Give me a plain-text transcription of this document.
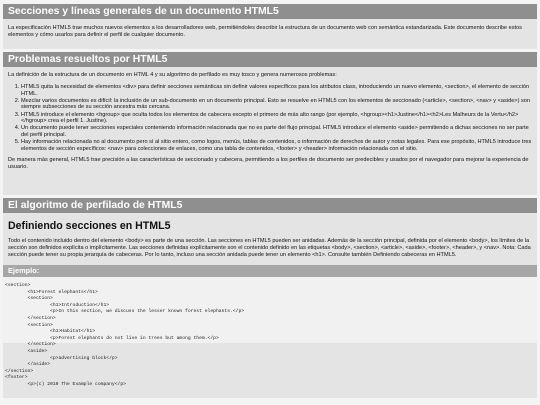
Secciones y líneas generales de un documento HTML5

La especificación HTML5 trae muchos nuevos elementos a los desarrolladores web, permitiéndoles describir la estructura de un documento web con semántica estandarizada. Este documento describe estos elementos y cómo usarlos para definir el perfil de cualquier documento.

Problemas resueltos por HTML5

La definición de la estructura de un documento en HTML 4 y su algoritmo de perfilado es muy tosco y genera numerosos problemas:

1. HTML5 quita la necesidad de elementos <div> para definir secciones semánticas sin definir valores específicos para los atributos class, introduciendo un nuevo elemento, <section>, el elemento de sección HTML.
2. Mezclar varios documentos es difícil: la inclusión de un sub-documento en un documento principal. Esto se resuelve en HTML5 con los elementos de seccionado (<article>, <section>, <nav> y <aside>) son siempre subsecciones de su sección ancestra más cercana.
3. HTML5 introduce el elemento <hgroup> que oculta todos los elementos de cabecera excepto el primero de más alto rango (por ejemplo, <hgroup><h1>Justine</h1><h2>Les Malheurs de la Vertu</h2></hgroup> crea el perfil 1. Justine).
4. Un documento puede tener secciones especiales conteniendo información relacionada que no es parte del flujo principal. HTML5 introduce el elemento <aside> permitiendo a dichas secciones no ser parte del perfil principal.
5. Hay información relacionada no al documento pero sí al sitio entero, como logos, menús, tablas de contenidos, o información de derechos de autor y notas legales. Para ese propósito, HTML5 introduce tres elementos de sección específicos: <nav> para colecciones de enlaces, como una tabla de contenidos, <footer> y <header> información relacionada con el sitio.

De manera más general, HTML5 trae precisión a las características de seccionado y cabecera, permitiendo a los perfiles de documento ser predecibles y usados por el navegador para mejorar la experiencia de usuario.

El algoritmo de perfilado de HTML5
Definiendo secciones en HTML5

Todo el contenido incluido dentro del elemento <body> es parte de una sección. Las secciones en HTML5 pueden ser anidadas. Además de la sección principal, definida por el elemento <body>, los límites de la sección son definidos explícita o implícitamente. Las secciones definidas explícitamente son el contenido definido en las etiquetas <body>, <section>, <article>, <aside>, <footer>, <header>, y <nav>. Nota: Cada sección puede tener su propia jerarquía de cabeceras. Por lo tanto, incluso una sección anidada puede tener un elemento <h1>. Consulte también Definiendo cabeceras en HTML5.

Ejemplo:
<section>
<h1>Forest elephants</h1>
<section>
<h1>Introduction</h1>
<p>In this section, we discuss the lesser known forest elephants.</p>
</section>
<section>
<h1>Habitat</h1>
<p>Forest elephants do not live in trees but among them.</p>
</section>
<aside>
<p>advertising block</p>
</aside>
</section>
<footer>
<p>(c) 2010 The Example company</p>
